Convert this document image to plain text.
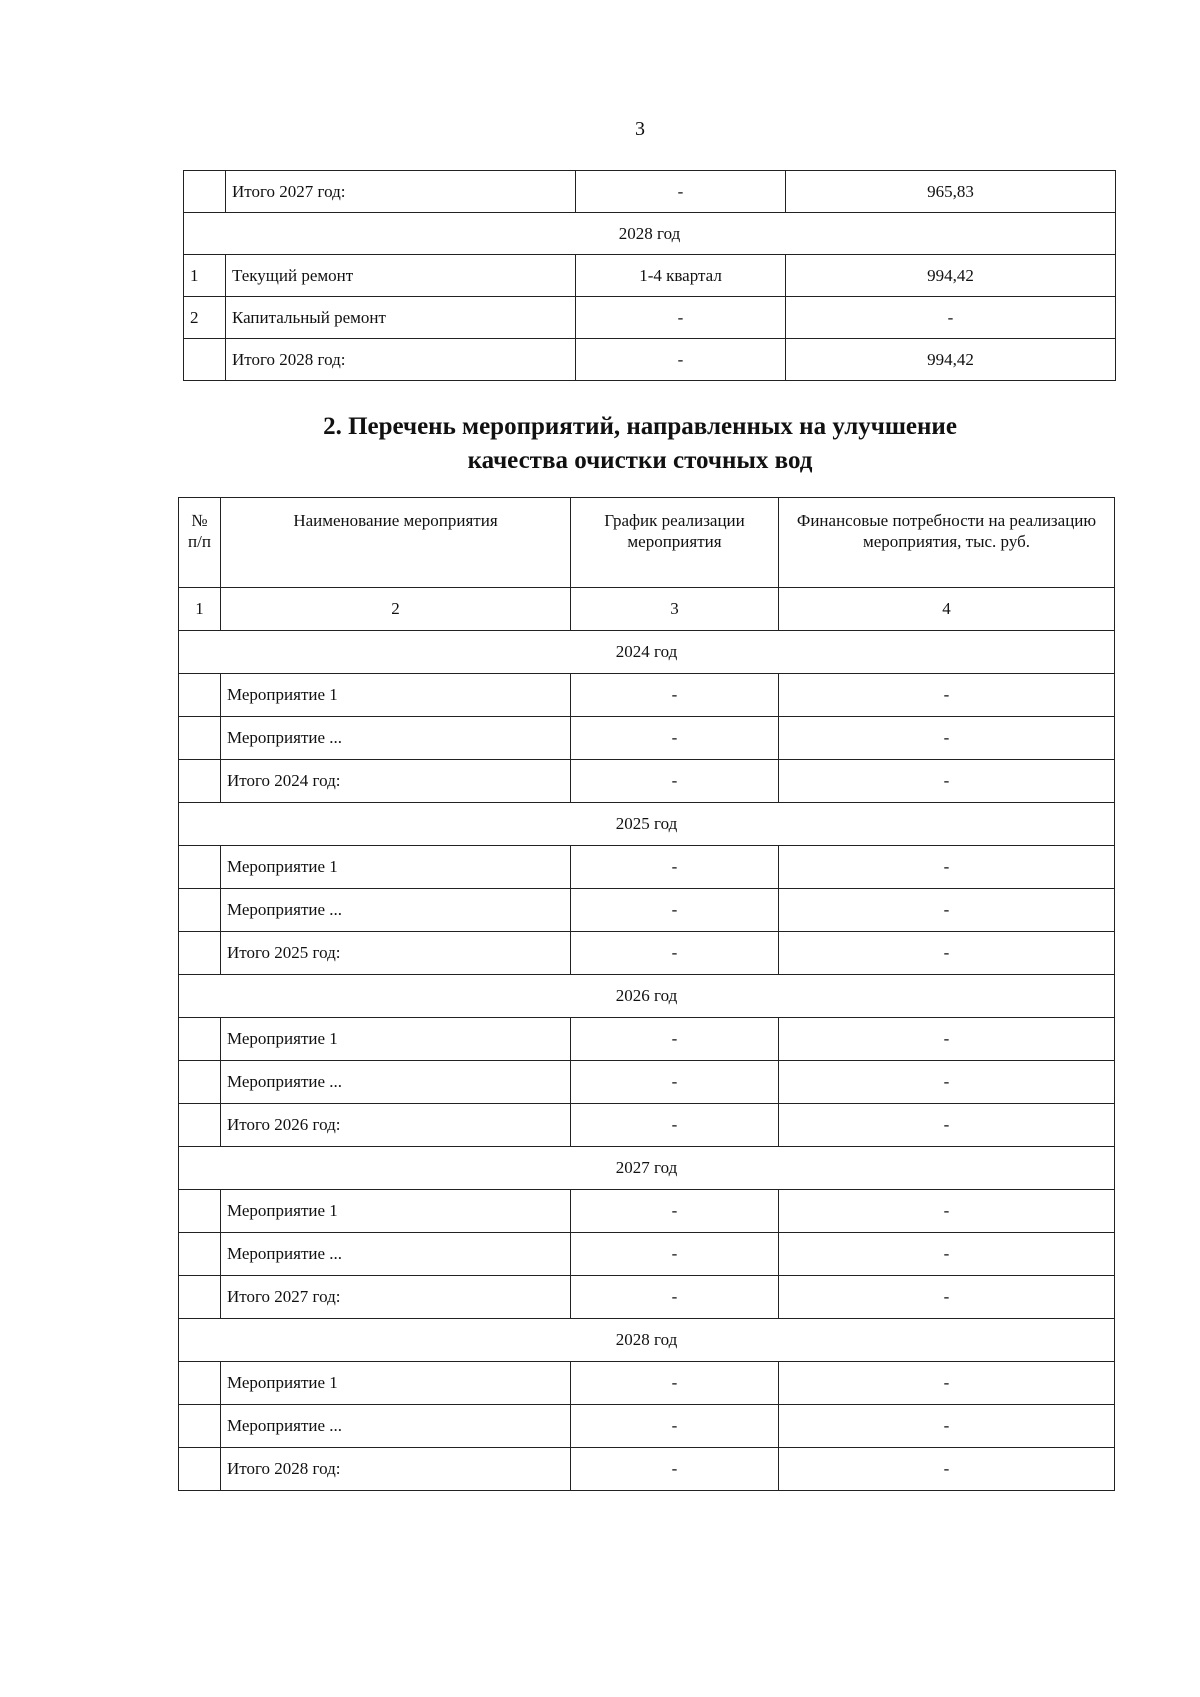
3
	Итого 2027 год:	-	965,83
2028 год			
1	Текущий ремонт	1-4 квартал	994,42
2	Капитальный ремонт	-	-
	Итого 2028 год:	-	994,42
2. Перечень мероприятий, направленных на улучшение
качества очистки сточных вод
№ п/п	Наименование мероприятия	График реализации мероприятия	Финансовые потребности на реализацию мероприятия, тыс. руб.
1	2	3	4
2024 год			
	Мероприятие 1	-	-
	Мероприятие ...	-	-
	Итого 2024 год:	-	-
2025 год			
	Мероприятие 1	-	-
	Мероприятие ...	-	-
	Итого 2025 год:	-	-
2026 год			
	Мероприятие 1	-	-
	Мероприятие ...	-	-
	Итого 2026 год:	-	-
2027 год			
	Мероприятие 1	-	-
	Мероприятие ...	-	-
	Итого 2027 год:	-	-
2028 год			
	Мероприятие 1	-	-
	Мероприятие ...	-	-
	Итого 2028 год:	-	-
